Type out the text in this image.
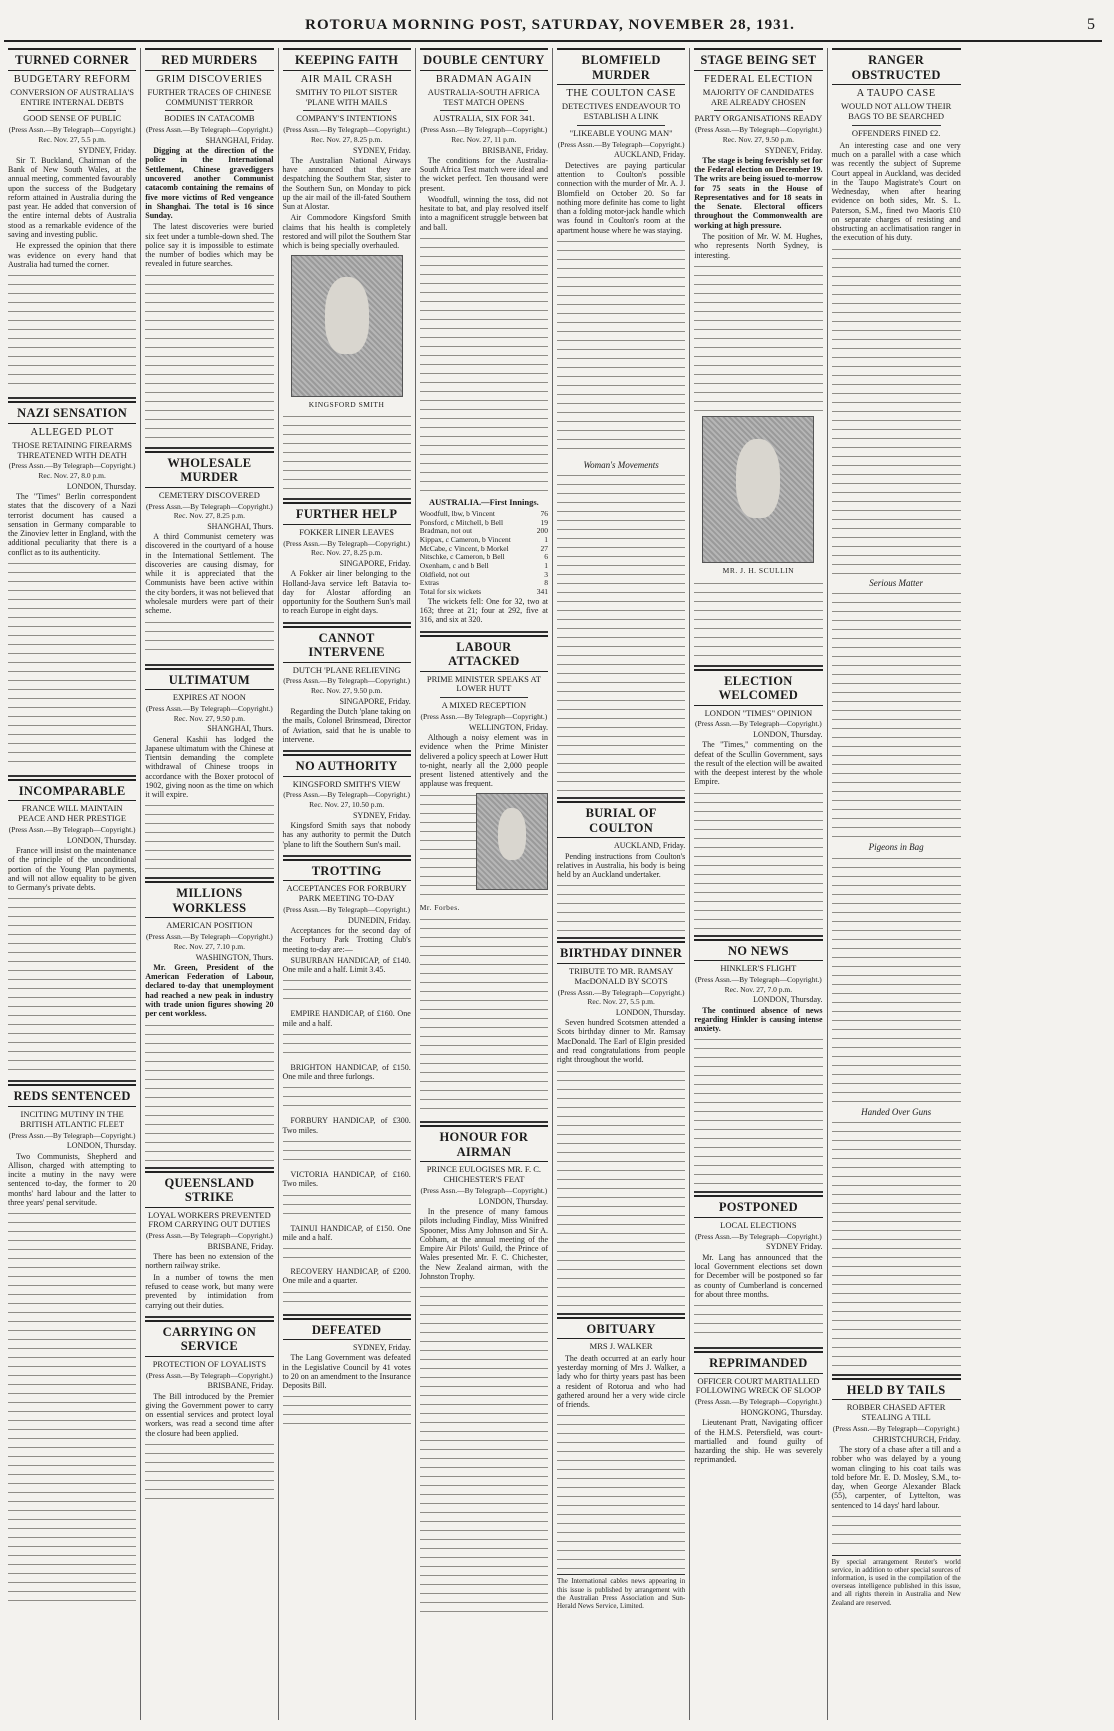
ROTORUA MORNING POST, SATURDAY, NOVEMBER 28, 1931.	5
TURNED CORNER
BUDGETARY REFORM
CONVERSION OF AUSTRALIA'S ENTIRE INTERNAL DEBTS
GOOD SENSE OF PUBLIC
(Press Assn.—By Telegraph—Copyright.)
Rec. Nov. 27, 5.5 p.m.
SYDNEY, Friday.

Sir T. Buckland, Chairman of the Bank of New South Wales, at the annual meeting, commented favourably upon the success of the Budgetary reform attained in Australia during the past year. He added that conversion of the entire internal debts of Australia stood as a remarkable evidence of the saving and investing public.

He expressed the opinion that there was evidence on every hand that Australia had turned the corner.

NAZI SENSATION
ALLEGED PLOT
THOSE RETAINING FIREARMS THREATENED WITH DEATH
(Press Assn.—By Telegraph—Copyright.)
Rec. Nov. 27, 8.0 p.m.
LONDON, Thursday.

The "Times" Berlin correspondent states that the discovery of a Nazi terrorist document has caused a sensation in Germany comparable to the Zinoviev letter in England, with the additional peculiarity that there is a conflict as to its authenticity.

INCOMPARABLE
FRANCE WILL MAINTAIN PEACE AND HER PRESTIGE
(Press Assn.—By Telegraph—Copyright.)
LONDON, Thursday.

France will insist on the maintenance of the principle of the unconditional portion of the Young Plan payments, and will not allow equality to be given to Germany's private debts.

REDS SENTENCED
INCITING MUTINY IN THE BRITISH ATLANTIC FLEET
(Press Assn.—By Telegraph—Copyright.)
LONDON, Thursday.

Two Communists, Shepherd and Allison, charged with attempting to incite a mutiny in the navy were sentenced to-day, the former to 20 months' hard labour and the latter to three years' penal servitude.

RED MURDERS
GRIM DISCOVERIES
FURTHER TRACES OF CHINESE COMMUNIST TERROR
BODIES IN CATACOMB
(Press Assn.—By Telegraph—Copyright.)
SHANGHAI, Friday.

Digging at the direction of the police in the International Settlement, Chinese gravediggers uncovered another Communist catacomb containing the remains of five more victims of Red vengeance in Shanghai. The total is 16 since Sunday.

The latest discoveries were buried six feet under a tumble-down shed. The police say it is impossible to estimate the number of bodies which may be revealed in future searches.

WHOLESALE MURDER
CEMETERY DISCOVERED
(Press Assn.—By Telegraph—Copyright.)
Rec. Nov. 27, 8.25 p.m.
SHANGHAI, Thurs.

A third Communist cemetery was discovered in the courtyard of a house in the International Settlement. The discoveries are causing dismay, for while it is appreciated that the Communists have been active within the city borders, it was not believed that wholesale murders were part of their scheme.

ULTIMATUM
EXPIRES AT NOON
(Press Assn.—By Telegraph—Copyright.)
Rec. Nov. 27, 9.50 p.m.
SHANGHAI, Thurs.

General Kashii has lodged the Japanese ultimatum with the Chinese at Tientsin demanding the complete withdrawal of Chinese troops in accordance with the Boxer protocol of 1902, giving noon as the time on which it will expire.

MILLIONS WORKLESS
AMERICAN POSITION
(Press Assn.—By Telegraph—Copyright.)
Rec. Nov. 27, 7.10 p.m.
WASHINGTON, Thurs.

Mr. Green, President of the American Federation of Labour, declared to-day that unemployment had reached a new peak in industry with trade union figures showing 20 per cent workless.

QUEENSLAND STRIKE
LOYAL WORKERS PREVENTED FROM CARRYING OUT DUTIES
(Press Assn.—By Telegraph—Copyright.)
BRISBANE, Friday.

There has been no extension of the northern railway strike.

In a number of towns the men refused to cease work, but many were prevented by intimidation from carrying out their duties.

CARRYING ON SERVICE
PROTECTION OF LOYALISTS
(Press Assn.—By Telegraph—Copyright.)
BRISBANE, Friday.

The Bill introduced by the Premier giving the Government power to carry on essential services and protect loyal workers, was read a second time after the closure had been applied.

KEEPING FAITH
AIR MAIL CRASH
SMITHY TO PILOT SISTER 'PLANE WITH MAILS
COMPANY'S INTENTIONS
(Press Assn.—By Telegraph—Copyright.)
Rec. Nov. 27, 8.25 p.m.
SYDNEY, Friday.

The Australian National Airways have announced that they are despatching the Southern Star, sister to the Southern Sun, on Monday to pick up the air mail of the ill-fated Southern Sun at Alostar.

Air Commodore Kingsford Smith claims that his health is completely restored and will pilot the Southern Star which is being specially overhauled.

KINGSFORD SMITH
FURTHER HELP
FOKKER LINER LEAVES
(Press Assn.—By Telegraph—Copyright.)
Rec. Nov. 27, 8.25 p.m.
SINGAPORE, Friday.

A Fokker air liner belonging to the Holland-Java service left Batavia to-day for Alostar affording an opportunity for the Southern Sun's mail to reach Europe in eight days.

CANNOT INTERVENE
DUTCH 'PLANE RELIEVING
(Press Assn.—By Telegraph—Copyright.)
Rec. Nov. 27, 9.50 p.m.
SINGAPORE, Friday.

Regarding the Dutch 'plane taking on the mails, Colonel Brinsmead, Director of Aviation, said that he is unable to intervene.

NO AUTHORITY
KINGSFORD SMITH'S VIEW
(Press Assn.—By Telegraph—Copyright.)
Rec. Nov. 27, 10.50 p.m.
SYDNEY, Friday.

Kingsford Smith says that nobody has any authority to permit the Dutch 'plane to lift the Southern Sun's mail.

TROTTING
ACCEPTANCES FOR FORBURY PARK MEETING TO-DAY
(Press Assn.—By Telegraph—Copyright.)
DUNEDIN, Friday.

Acceptances for the second day of the Forbury Park Trotting Club's meeting to-day are:—

SUBURBAN HANDICAP, of £140. One mile and a half. Limit 3.45.

EMPIRE HANDICAP, of £160. One mile and a half.

BRIGHTON HANDICAP, of £150. One mile and three furlongs.

FORBURY HANDICAP, of £300. Two miles.

VICTORIA HANDICAP, of £160. Two miles.

TAINUI HANDICAP, of £150. One mile and a half.

RECOVERY HANDICAP, of £200. One mile and a quarter.

DEFEATED
SYDNEY, Friday.

The Lang Government was defeated in the Legislative Council by 41 votes to 20 on an amendment to the Insurance Deposits Bill.

DOUBLE CENTURY
BRADMAN AGAIN
AUSTRALIA-SOUTH AFRICA TEST MATCH OPENS
AUSTRALIA, SIX FOR 341.
(Press Assn.—By Telegraph—Copyright.)
Rec. Nov. 27, 11 p.m.
BRISBANE, Friday.

The conditions for the Australia-South Africa Test match were ideal and the wicket perfect. Ten thousand were present.

Woodfull, winning the toss, did not hesitate to bat, and play resolved itself into a magnificent struggle between bat and ball.

AUSTRALIA.—First Innings.
Woodfull, lbw, b Vincent	76
Ponsford, c Mitchell, b Bell	19
Bradman, not out	200
Kippax, c Cameron, b Vincent	1
McCabe, c Vincent, b Morkel	27
Nitschke, c Cameron, b Bell	6
Oxenham, c and b Bell	1
Oldfield, not out	3
Extras	8
Total for six wickets	341

The wickets fell: One for 32, two at 163; three at 21; four at 292, five at 316, and six at 320.

LABOUR ATTACKED
PRIME MINISTER SPEAKS AT LOWER HUTT
A MIXED RECEPTION
(Press Assn.—By Telegraph—Copyright.)
WELLINGTON, Friday.

Although a noisy element was in evidence when the Prime Minister delivered a policy speech at Lower Hutt to-night, nearly all the 2,000 people present listened attentively and the applause was frequent.

Mr. Forbes.
HONOUR FOR AIRMAN
PRINCE EULOGISES MR. F. C. CHICHESTER'S FEAT
(Press Assn.—By Telegraph—Copyright.)
LONDON, Thursday.

In the presence of many famous pilots including Findlay, Miss Winifred Spooner, Miss Amy Johnson and Sir A. Cobham, at the annual meeting of the Empire Air Pilots' Guild, the Prince of Wales presented Mr. F. C. Chichester, the New Zealand airman, with the Johnston Trophy.

BLOMFIELD MURDER
THE COULTON CASE
DETECTIVES ENDEAVOUR TO ESTABLISH A LINK
"LIKEABLE YOUNG MAN"
(Press Assn.—By Telegraph—Copyright.)
AUCKLAND, Friday.

Detectives are paying particular attention to Coulton's possible connection with the murder of Mr. A. J. Blomfield on October 20. So far nothing more definite has come to light than a folding motor-jack handle which was found in Coulton's room at the apartment house where he was staying.

Woman's Movements
BURIAL OF COULTON
AUCKLAND, Friday.

Pending instructions from Coulton's relatives in Australia, his body is being held by an Auckland undertaker.

BIRTHDAY DINNER
TRIBUTE TO MR. RAMSAY MacDONALD BY SCOTS
(Press Assn.—By Telegraph—Copyright.)
Rec. Nov. 27, 5.5 p.m.
LONDON, Thursday.

Seven hundred Scotsmen attended a Scots birthday dinner to Mr. Ramsay MacDonald. The Earl of Elgin presided and read congratulations from people right throughout the world.

OBITUARY
MRS J. WALKER

The death occurred at an early hour yesterday morning of Mrs J. Walker, a lady who for thirty years past has been a resident of Rotorua and who had gathered around her a very wide circle of friends.

The International cables news appearing in this issue is published by arrangement with the Australian Press Association and Sun-Herald News Service, Limited.
STAGE BEING SET
FEDERAL ELECTION
MAJORITY OF CANDIDATES ARE ALREADY CHOSEN
PARTY ORGANISATIONS READY
(Press Assn.—By Telegraph—Copyright.)
Rec. Nov. 27, 9.50 p.m.
SYDNEY, Friday.

The stage is being feverishly set for the Federal election on December 19. The writs are being issued to-morrow for 75 seats in the House of Representatives and for 18 seats in the Senate. Electoral officers throughout the Commonwealth are working at high pressure.

The position of Mr. W. M. Hughes, who represents North Sydney, is interesting.

MR. J. H. SCULLIN
ELECTION WELCOMED
LONDON "TIMES" OPINION
(Press Assn.—By Telegraph—Copyright.)
LONDON, Thursday.

The "Times," commenting on the defeat of the Scullin Government, says the result of the election will be awaited with the deepest interest by the whole Empire.

NO NEWS
HINKLER'S FLIGHT
(Press Assn.—By Telegraph—Copyright.)
Rec. Nov. 27, 7.0 p.m.
LONDON, Thursday.

The continued absence of news regarding Hinkler is causing intense anxiety.

POSTPONED
LOCAL ELECTIONS
(Press Assn.—By Telegraph—Copyright.)
SYDNEY Friday.

Mr. Lang has announced that the local Government elections set down for December will be postponed so far as county of Cumberland is concerned for about three months.

REPRIMANDED
OFFICER COURT MARTIALLED FOLLOWING WRECK OF SLOOP
(Press Assn.—By Telegraph—Copyright.)
HONGKONG, Thursday.

Lieutenant Pratt, Navigating officer of the H.M.S. Petersfield, was court-martialled and found guilty of hazarding the ship. He was severely reprimanded.

RANGER OBSTRUCTED
A TAUPO CASE
WOULD NOT ALLOW THEIR BAGS TO BE SEARCHED
OFFENDERS FINED £2.

An interesting case and one very much on a parallel with a case which was recently the subject of Supreme Court appeal in Auckland, was decided in the Taupo Magistrate's Court on Wednesday, when after hearing evidence on both sides, Mr. S. L. Paterson, S.M., fined two Maoris £10 on separate charges of resisting and obstructing an acclimatisation ranger in the execution of his duty.

Serious Matter
Pigeons in Bag
Handed Over Guns
HELD BY TAILS
ROBBER CHASED AFTER STEALING A TILL
(Press Assn.—By Telegraph—Copyright.)
CHRISTCHURCH, Friday.

The story of a chase after a till and a robber who was delayed by a young woman clinging to his coat tails was told before Mr. E. D. Mosley, S.M., to-day, when George Alexander Black (55), carpenter, of Lyttelton, was sentenced to 14 days' hard labour.

By special arrangement Reuter's world service, in addition to other special sources of information, is used in the compilation of the overseas intelligence published in this issue, and all rights therein in Australia and New Zealand are reserved.
